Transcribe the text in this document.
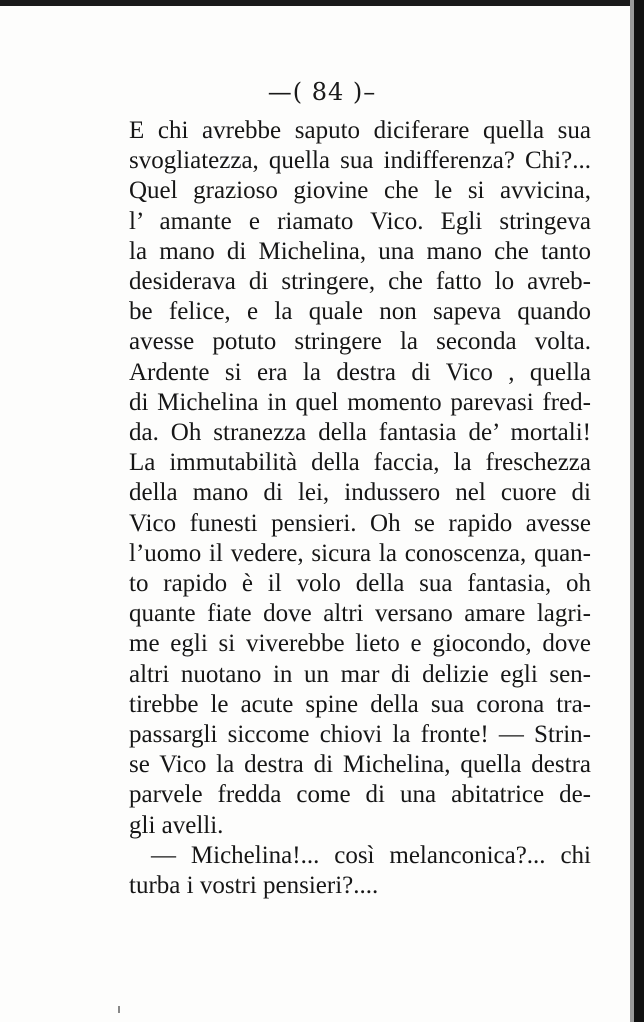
—( 84 )–
E chi avrebbe saputo diciferare quella sua
svogliatezza, quella sua indifferenza? Chi?...
Quel grazioso giovine che le si avvicina,
l’ amante e riamato Vico. Egli stringeva
la mano di Michelina, una mano che tanto
desiderava di stringere, che fatto lo avreb-
be felice, e la quale non sapeva quando
avesse potuto stringere la seconda volta.
Ardente si era la destra di Vico , quella
di Michelina in quel momento parevasi fred-
da. Oh stranezza della fantasia de’ mortali!
La immutabilità della faccia, la freschezza
della mano di lei, indussero nel cuore di
Vico funesti pensieri. Oh se rapido avesse
l’uomo il vedere, sicura la conoscenza, quan-
to rapido è il volo della sua fantasia, oh
quante fiate dove altri versano amare lagri-
me egli si viverebbe lieto e giocondo, dove
altri nuotano in un mar di delizie egli sen-
tirebbe le acute spine della sua corona tra-
passargli siccome chiovi la fronte! — Strin-
se Vico la destra di Michelina, quella destra
parvele fredda come di una abitatrice de-
gli avelli.
— Michelina!... così melanconica?... chi
turba i vostri pensieri?....
